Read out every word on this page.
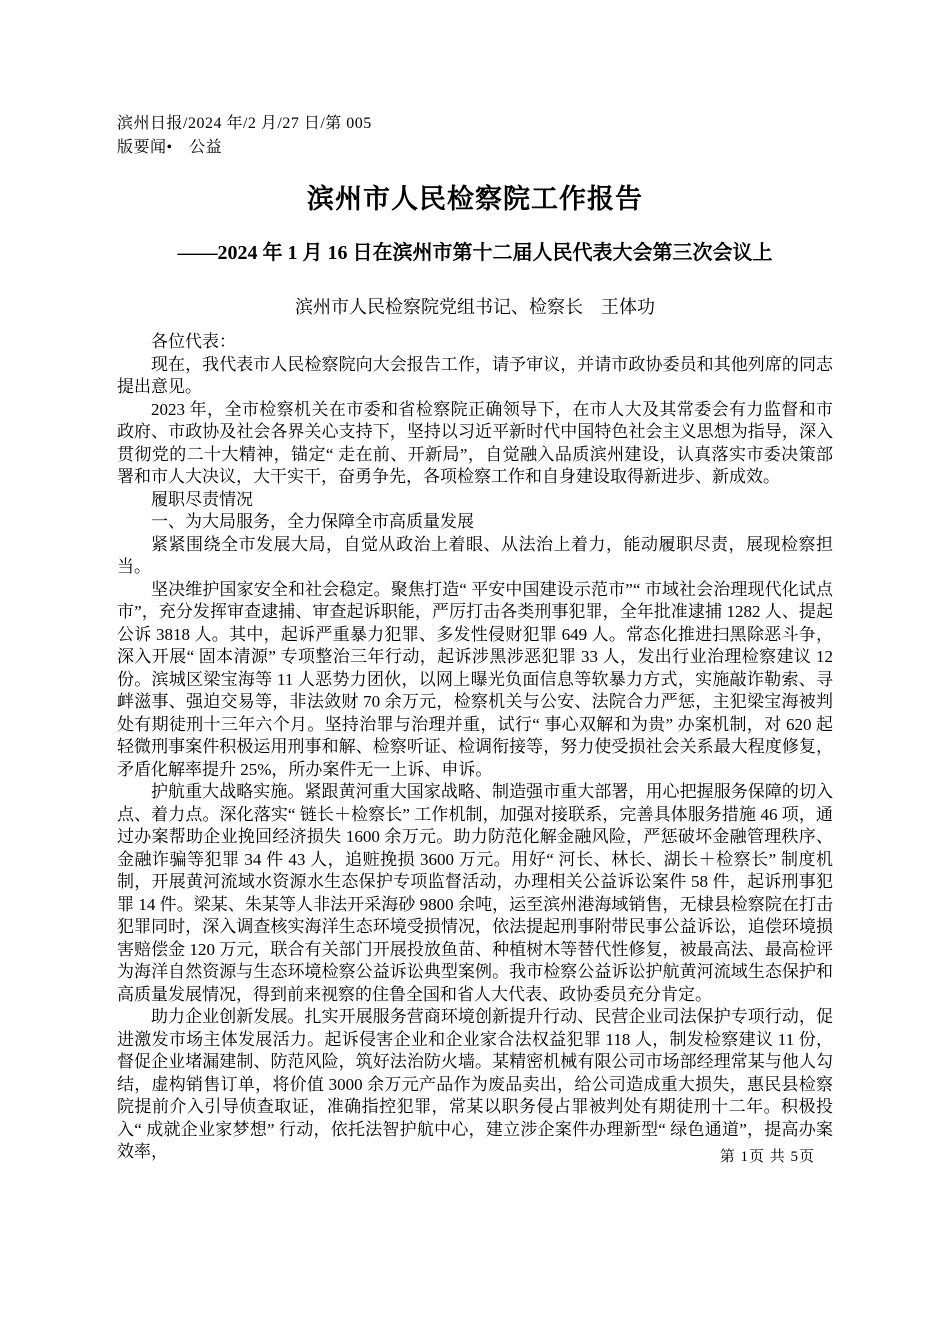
滨州日报/2024 年/2 月/27 日/第 005
版要闻•　公益
滨州市人民检察院工作报告
——2024 年 1 月 16 日在滨州市第十二届人民代表大会第三次会议上
滨州市人民检察院党组书记、检察长　王体功

各位代表：

现在，我代表市人民检察院向大会报告工作，请予审议，并请市政协委员和其他列席的同志提出意见。

2023 年，全市检察机关在市委和省检察院正确领导下，在市人大及其常委会有力监督和市政府、市政协及社会各界关心支持下，坚持以习近平新时代中国特色社会主义思想为指导，深入贯彻党的二十大精神，锚定“ 走在前、开新局”，自觉融入品质滨州建设，认真落实市委决策部署和市人大决议，大干实干，奋勇争先，各项检察工作和自身建设取得新进步、新成效。

履职尽责情况

一、为大局服务，全力保障全市高质量发展

紧紧围绕全市发展大局，自觉从政治上着眼、从法治上着力，能动履职尽责，展现检察担当。

坚决维护国家安全和社会稳定。聚焦打造“ 平安中国建设示范市”“ 市域社会治理现代化试点市”，充分发挥审查逮捕、审查起诉职能，严厉打击各类刑事犯罪，全年批准逮捕 1282 人、提起公诉 3818 人。其中，起诉严重暴力犯罪、多发性侵财犯罪 649 人。常态化推进扫黑除恶斗争，深入开展“ 固本清源” 专项整治三年行动，起诉涉黑涉恶犯罪 33 人，发出行业治理检察建议 12 份。滨城区梁宝海等 11 人恶势力团伙，以网上曝光负面信息等软暴力方式，实施敲诈勒索、寻衅滋事、强迫交易等，非法敛财 70 余万元，检察机关与公安、法院合力严惩，主犯梁宝海被判处有期徒刑十三年六个月。坚持治罪与治理并重，试行“ 事心双解和为贵” 办案机制，对 620 起轻微刑事案件积极运用刑事和解、检察听证、检调衔接等，努力使受损社会关系最大程度修复，矛盾化解率提升 25%，所办案件无一上诉、申诉。

护航重大战略实施。紧跟黄河重大国家战略、制造强市重大部署，用心把握服务保障的切入点、着力点。深化落实“ 链长＋检察长” 工作机制，加强对接联系，完善具体服务措施 46 项，通过办案帮助企业挽回经济损失 1600 余万元。助力防范化解金融风险，严惩破坏金融管理秩序、金融诈骗等犯罪 34 件 43 人，追赃挽损 3600 万元。用好“ 河长、林长、湖长＋检察长” 制度机制，开展黄河流域水资源水生态保护专项监督活动，办理相关公益诉讼案件 58 件，起诉刑事犯罪 14 件。梁某、朱某等人非法开采海砂 9800 余吨，运至滨州港海域销售，无棣县检察院在打击犯罪同时，深入调查核实海洋生态环境受损情况，依法提起刑事附带民事公益诉讼，追偿环境损害赔偿金 120 万元，联合有关部门开展投放鱼苗、种植树木等替代性修复，被最高法、最高检评为海洋自然资源与生态环境检察公益诉讼典型案例。我市检察公益诉讼护航黄河流域生态保护和高质量发展情况，得到前来视察的住鲁全国和省人大代表、政协委员充分肯定。

助力企业创新发展。扎实开展服务营商环境创新提升行动、民营企业司法保护专项行动，促进激发市场主体发展活力。起诉侵害企业和企业家合法权益犯罪 118 人，制发检察建议 11 份，督促企业堵漏建制、防范风险，筑好法治防火墙。某精密机械有限公司市场部经理常某与他人勾结，虚构销售订单，将价值 3000 余万元产品作为废品卖出，给公司造成重大损失，惠民县检察院提前介入引导侦查取证，准确指控犯罪，常某以职务侵占罪被判处有期徒刑十二年。积极投入“ 成就企业家梦想” 行动，依托法智护航中心，建立涉企案件办理新型“ 绿色通道”，提高办案效率，	第 1页 共 5页
